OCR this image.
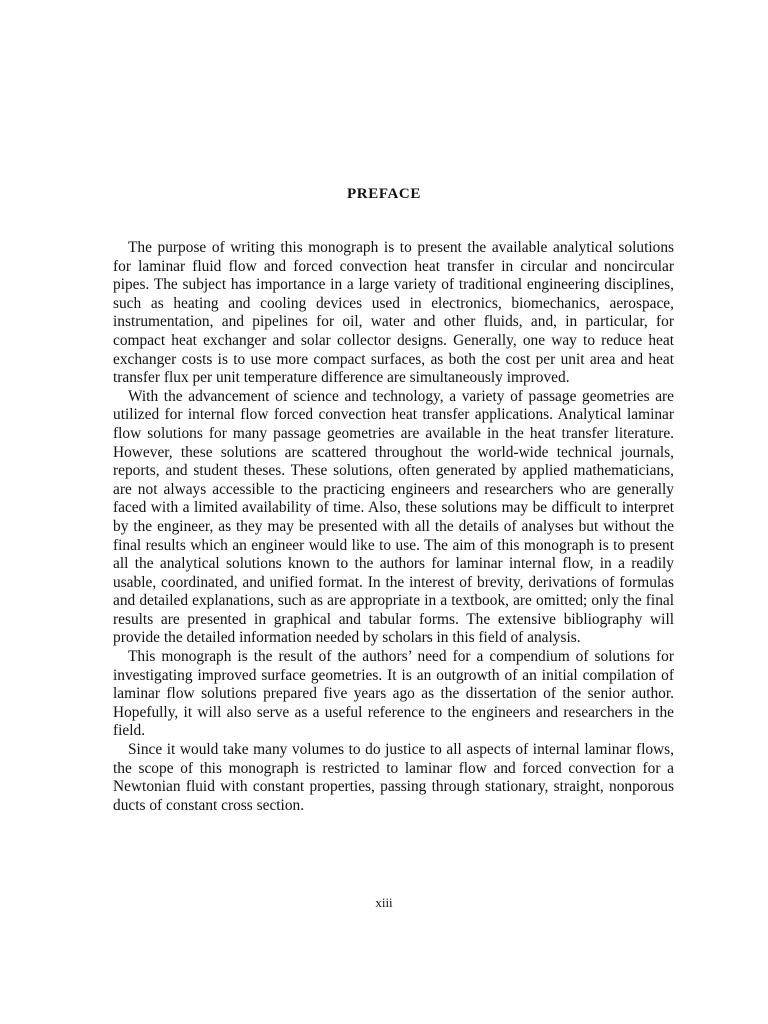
PREFACE

The purpose of writing this monograph is to present the available analytical solutions for laminar fluid flow and forced convection heat transfer in circular and noncircular pipes. The subject has importance in a large variety of traditional engineering disciplines, such as heating and cooling devices used in electronics, biomechanics, aerospace, instrumentation, and pipelines for oil, water and other fluids, and, in particular, for compact heat exchanger and solar collector designs. Generally, one way to reduce heat exchanger costs is to use more compact surfaces, as both the cost per unit area and heat transfer flux per unit temperature difference are simultaneously improved.

With the advancement of science and technology, a variety of passage geometries are utilized for internal flow forced convection heat transfer applications. Analytical laminar flow solutions for many passage geometries are available in the heat transfer literature. However, these solutions are scattered throughout the world-wide technical journals, reports, and student theses. These solutions, often generated by applied mathematicians, are not always accessible to the practicing engineers and researchers who are generally faced with a limited availability of time. Also, these solutions may be difficult to interpret by the engineer, as they may be presented with all the details of analyses but without the final results which an engineer would like to use. The aim of this monograph is to present all the analytical solutions known to the authors for laminar internal flow, in a readily usable, coordinated, and unified format. In the interest of brevity, derivations of formulas and detailed explanations, such as are appropriate in a textbook, are omitted; only the final results are presented in graphical and tabular forms. The extensive bibliography will provide the detailed information needed by scholars in this field of analysis.

This monograph is the result of the authors’ need for a compendium of solutions for investigating improved surface geometries. It is an outgrowth of an initial compilation of laminar flow solutions prepared five years ago as the dissertation of the senior author. Hopefully, it will also serve as a useful reference to the engineers and researchers in the field.

Since it would take many volumes to do justice to all aspects of internal laminar flows, the scope of this monograph is restricted to laminar flow and forced convection for a Newtonian fluid with constant properties, passing through stationary, straight, nonporous ducts of constant cross section.

xiii
